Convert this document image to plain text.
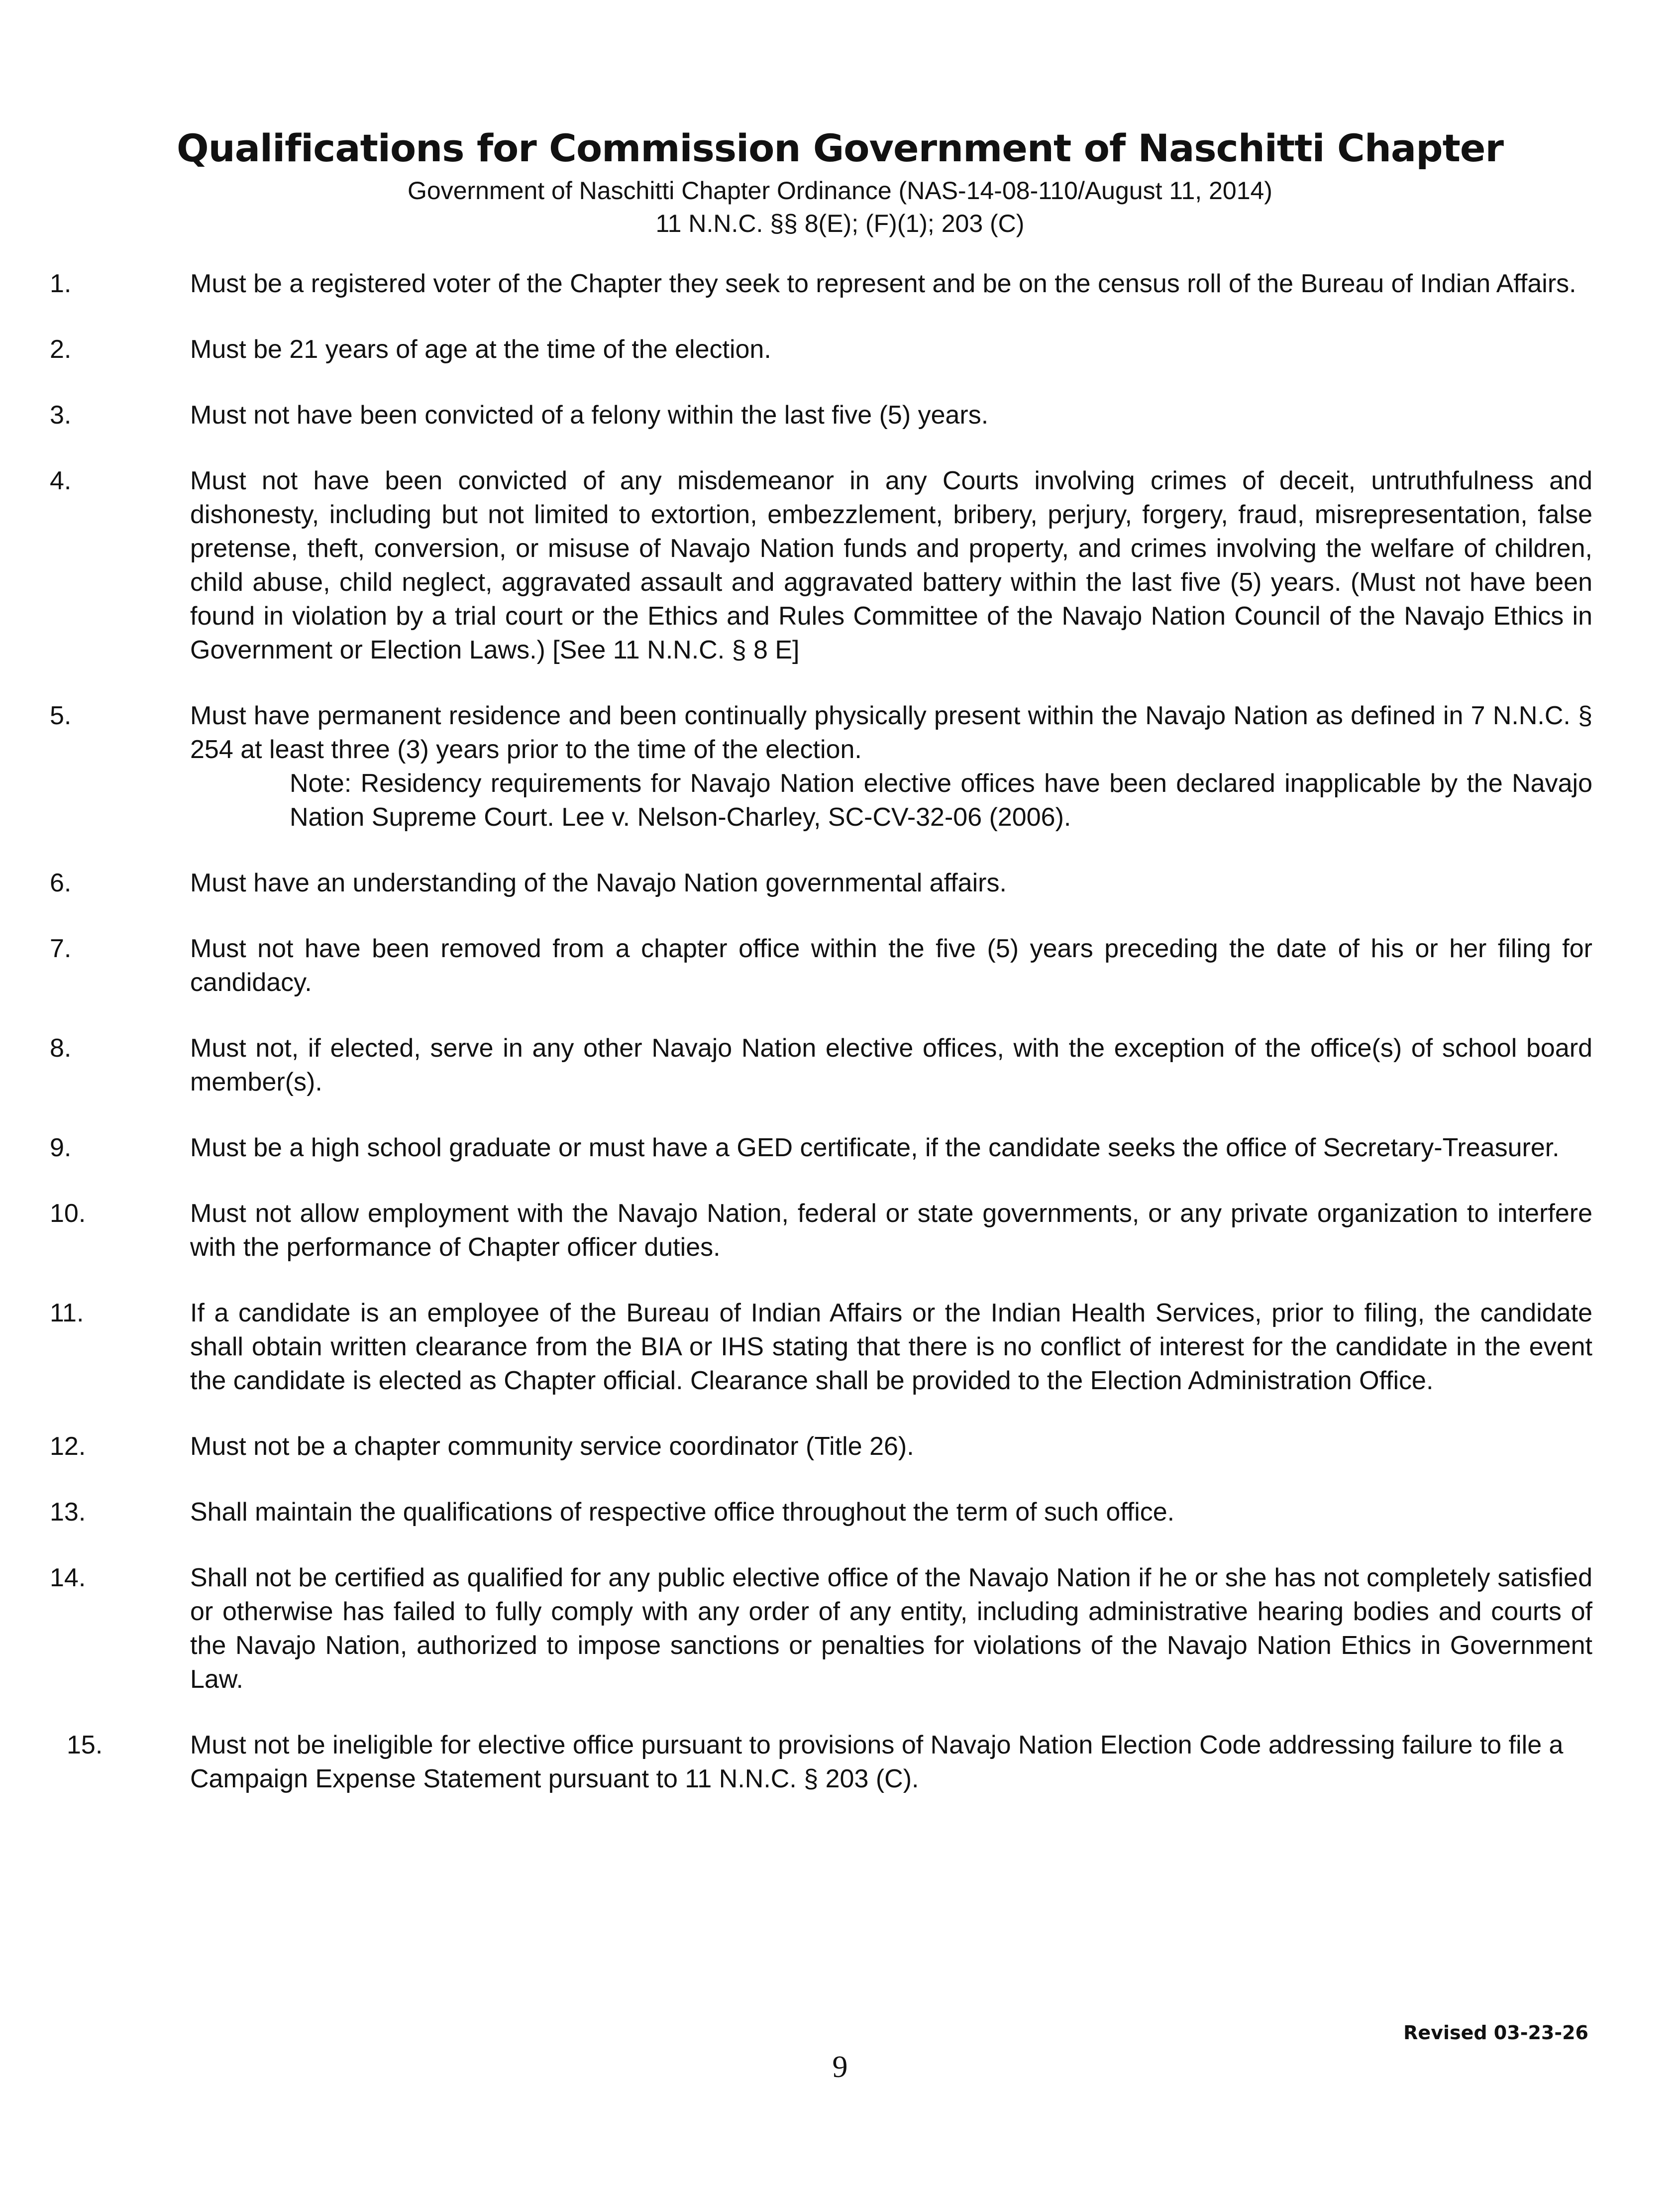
Qualifications for Commission Government of Naschitti Chapter

Government of Naschitti Chapter Ordinance (NAS-14-08-110/August 11, 2014)

11 N.N.C. §§ 8(E); (F)(1); 203 (C)

1.	Must be a registered voter of the Chapter they seek to represent and be on the census roll of the Bureau of Indian Affairs.
2.	Must be 21 years of age at the time of the election.
3.	Must not have been convicted of a felony within the last five (5) years.
4.	Must not have been convicted of any misdemeanor in any Courts involving crimes of deceit, untruthfulness and dishonesty, including but not limited to extortion, embezzlement, bribery, perjury, forgery, fraud, misrepresentation, false pretense, theft, conversion, or misuse of Navajo Nation funds and property, and crimes involving the welfare of children, child abuse, child neglect, aggravated assault and aggravated battery within the last five (5) years. (Must not have been found in violation by a trial court or the Ethics and Rules Committee of the Navajo Nation Council of the Navajo Ethics in Government or Election Laws.) [See 11 N.N.C. § 8 E]
5.	Must have permanent residence and been continually physically present within the Navajo Nation as defined in 7 N.N.C. § 254 at least three (3) years prior to the time of the election.
Note: Residency requirements for Navajo Nation elective offices have been declared inapplicable by the Navajo Nation Supreme Court. Lee v. Nelson-Charley, SC-CV-32-06 (2006).
6.	Must have an understanding of the Navajo Nation governmental affairs.
7.	Must not have been removed from a chapter office within the five (5) years preceding the date of his or her filing for candidacy.
8.	Must not, if elected, serve in any other Navajo Nation elective offices, with the exception of the office(s) of school board member(s).
9.	Must be a high school graduate or must have a GED certificate, if the candidate seeks the office of Secretary-Treasurer.
10.	Must not allow employment with the Navajo Nation, federal or state governments, or any private organization to interfere with the performance of Chapter officer duties.
11.	If a candidate is an employee of the Bureau of Indian Affairs or the Indian Health Services, prior to filing, the candidate shall obtain written clearance from the BIA or IHS stating that there is no conflict of interest for the candidate in the event the candidate is elected as Chapter official. Clearance shall be provided to the Election Administration Office.
12.	Must not be a chapter community service coordinator (Title 26).
13.	Shall maintain the qualifications of respective office throughout the term of such office.
14.	Shall not be certified as qualified for any public elective office of the Navajo Nation if he or she has not completely satisfied or otherwise has failed to fully comply with any order of any entity, including administrative hearing bodies and courts of the Navajo Nation, authorized to impose sanctions or penalties for violations of the Navajo Nation Ethics in Government Law.
15.	Must not be ineligible for elective office pursuant to provisions of Navajo Nation Election Code addressing failure to file a Campaign Expense Statement pursuant to 11 N.N.C. § 203 (C).
Revised 03-23-26
9
